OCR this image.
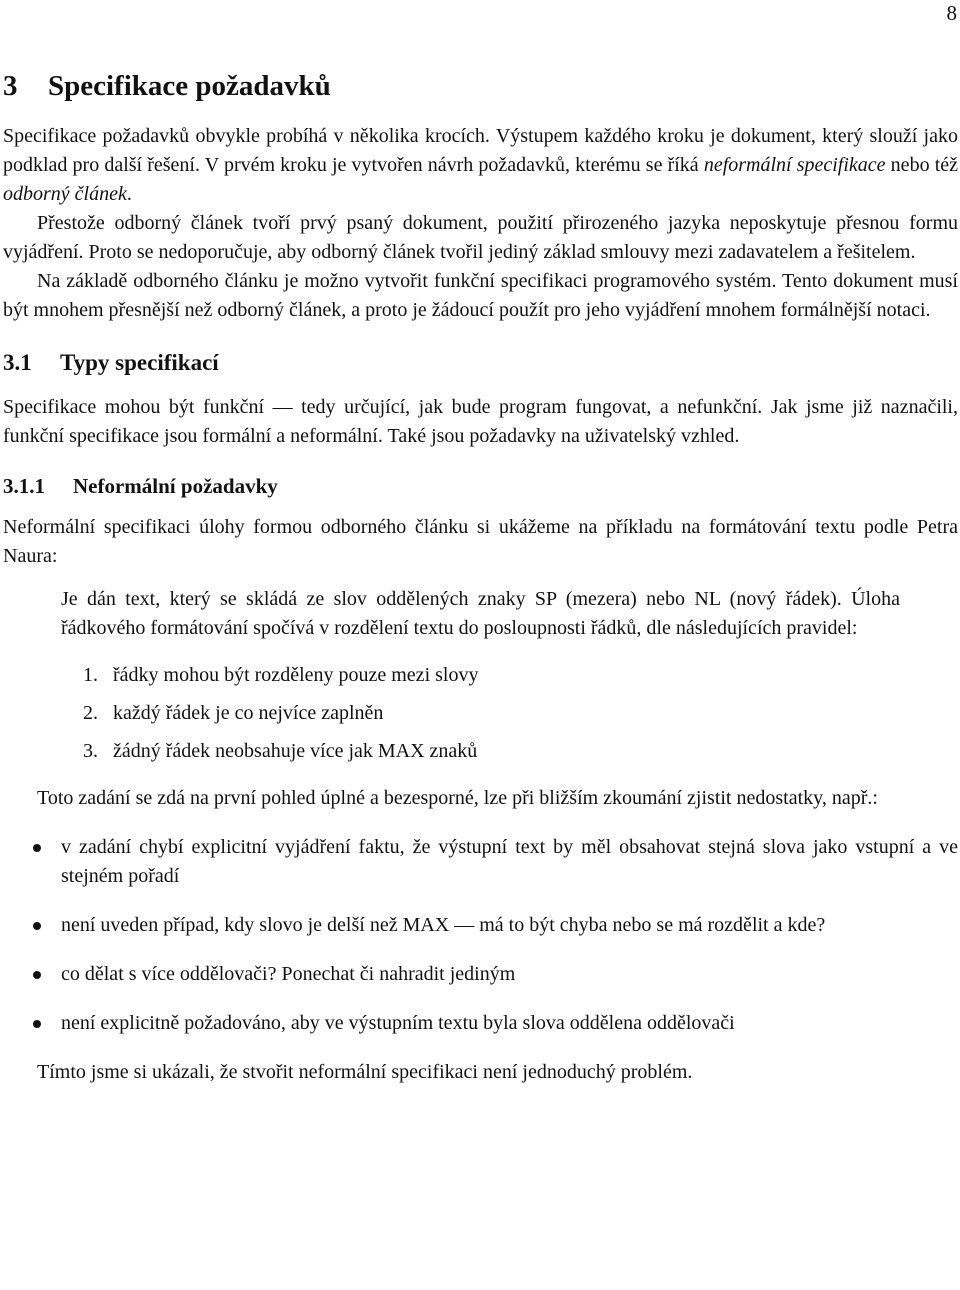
8
3 Specifikace požadavků

Specifikace požadavků obvykle probíhá v několika krocích. Výstupem každého kroku je dokument, který slouží jako podklad pro další řešení. V prvém kroku je vytvořen návrh požadavků, kterému se říká neformální specifikace nebo též odborný článek.

Přestože odborný článek tvoří prvý psaný dokument, použití přirozeného jazyka neposkytuje přesnou formu vyjádření. Proto se nedoporučuje, aby odborný článek tvořil jediný základ smlouvy mezi zadavatelem a řešitelem.

Na základě odborného článku je možno vytvořit funkční specifikaci programového systém. Tento dokument musí být mnohem přesnější než odborný článek, a proto je žádoucí použít pro jeho vyjádření mnohem formálnější notaci.

3.1 Typy specifikací

Specifikace mohou být funkční — tedy určující, jak bude program fungovat, a nefunkční. Jak jsme již naznačili, funkční specifikace jsou formální a neformální. Také jsou požadavky na uživatelský vzhled.

3.1.1 Neformální požadavky

Neformální specifikaci úlohy formou odborného článku si ukážeme na příkladu na formátování textu podle Petra Naura:

Je dán text, který se skládá ze slov oddělených znaky SP (mezera) nebo NL (nový řádek). Úloha řádkového formátování spočívá v rozdělení textu do posloupnosti řádků, dle následujících pravidel:

1. řádky mohou být rozděleny pouze mezi slovy
2. každý řádek je co nejvíce zaplněn
3. žádný řádek neobsahuje více jak MAX znaků

Toto zadání se zdá na první pohled úplné a bezesporné, lze při bližším zkoumání zjistit nedostatky, např.:

v zadání chybí explicitní vyjádření faktu, že výstupní text by měl obsahovat stejná slova jako vstupní a ve stejném pořadí
není uveden případ, kdy slovo je delší než MAX — má to být chyba nebo se má rozdělit a kde?
co dělat s více oddělovači? Ponechat či nahradit jediným
není explicitně požadováno, aby ve výstupním textu byla slova oddělena oddělovači

Tímto jsme si ukázali, že stvořit neformální specifikaci není jednoduchý problém.
